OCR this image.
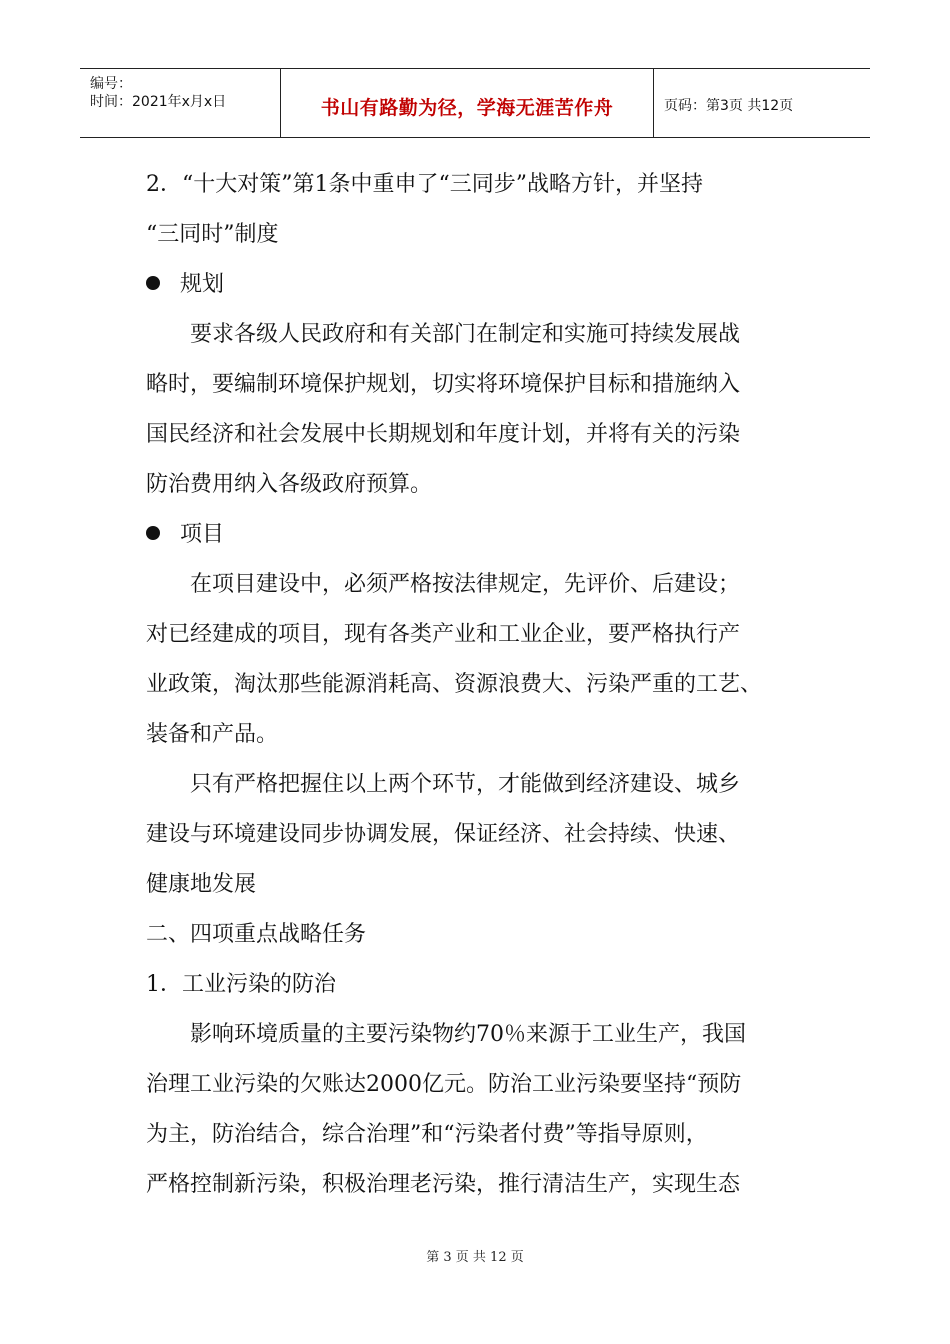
编号：
时间：2021年x月x日	书山有路勤为径，学海无涯苦作舟	页码：第3页 共12页

2．“十大对策”第1条中重申了“三同步”战略方针，并坚持

“三同时”制度

规划

要求各级人民政府和有关部门在制定和实施可持续发展战

略时，要编制环境保护规划，切实将环境保护目标和措施纳入

国民经济和社会发展中长期规划和年度计划，并将有关的污染

防治费用纳入各级政府预算。

项目

在项目建设中，必须严格按法律规定，先评价、后建设；

对已经建成的项目，现有各类产业和工业企业，要严格执行产

业政策，淘汰那些能源消耗高、资源浪费大、污染严重的工艺、

装备和产品。

只有严格把握住以上两个环节，才能做到经济建设、城乡

建设与环境建设同步协调发展，保证经济、社会持续、快速、

健康地发展

二、四项重点战略任务

1．工业污染的防治

影响环境质量的主要污染物约70％来源于工业生产，我国

治理工业污染的欠账达2000亿元。防治工业污染要坚持“预防

为主，防治结合，综合治理”和“污染者付费”等指导原则，

严格控制新污染，积极治理老污染，推行清洁生产，实现生态

第 3 页 共 12 页
